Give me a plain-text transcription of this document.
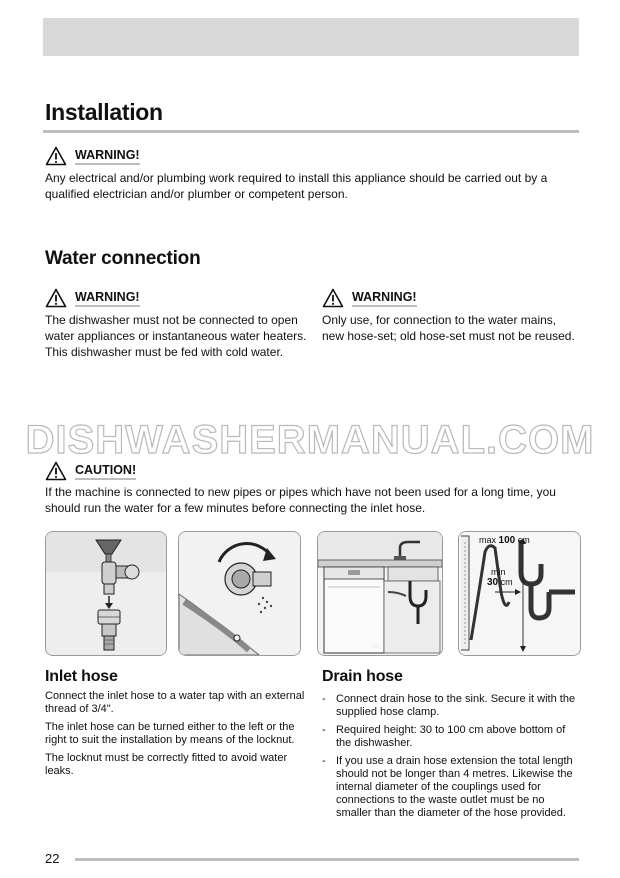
Installation
WARNING!
Any electrical and/or plumbing work required to install this appliance should be carried out by a qualified electrician and/or plumber or competent person.
Water connection
WARNING!
The dishwasher must not be connected to open water appliances or instantaneous water heaters. This dishwasher must be fed with cold water.
WARNING!
Only use, for connection to the water mains, new hose-set; old hose-set must not be reused.
DISHWASHERMANUAL.COM
CAUTION!
If the machine is connected to new pipes or pipes which have not been used for a long time, you should run the water for a few minutes before connecting the inlet hose.
· ·
max 100 cm
min
30 cm
Inlet hose

Connect the inlet hose to a water tap with an external thread of 3/4".

The inlet hose can be turned either to the left or the right to suit the installation by means of the locknut.

The locknut must be correctly fitted to avoid water leaks.

Drain hose
- Connect drain hose to the sink. Secure it with the supplied hose clamp.
- Required height: 30 to 100 cm above bottom of the dishwasher.
- If you use a drain hose extension the total length should not be longer than 4 metres. Likewise the internal diameter of the couplings used for connections to the waste outlet must be no smaller than the diameter of the hose provided.
22
